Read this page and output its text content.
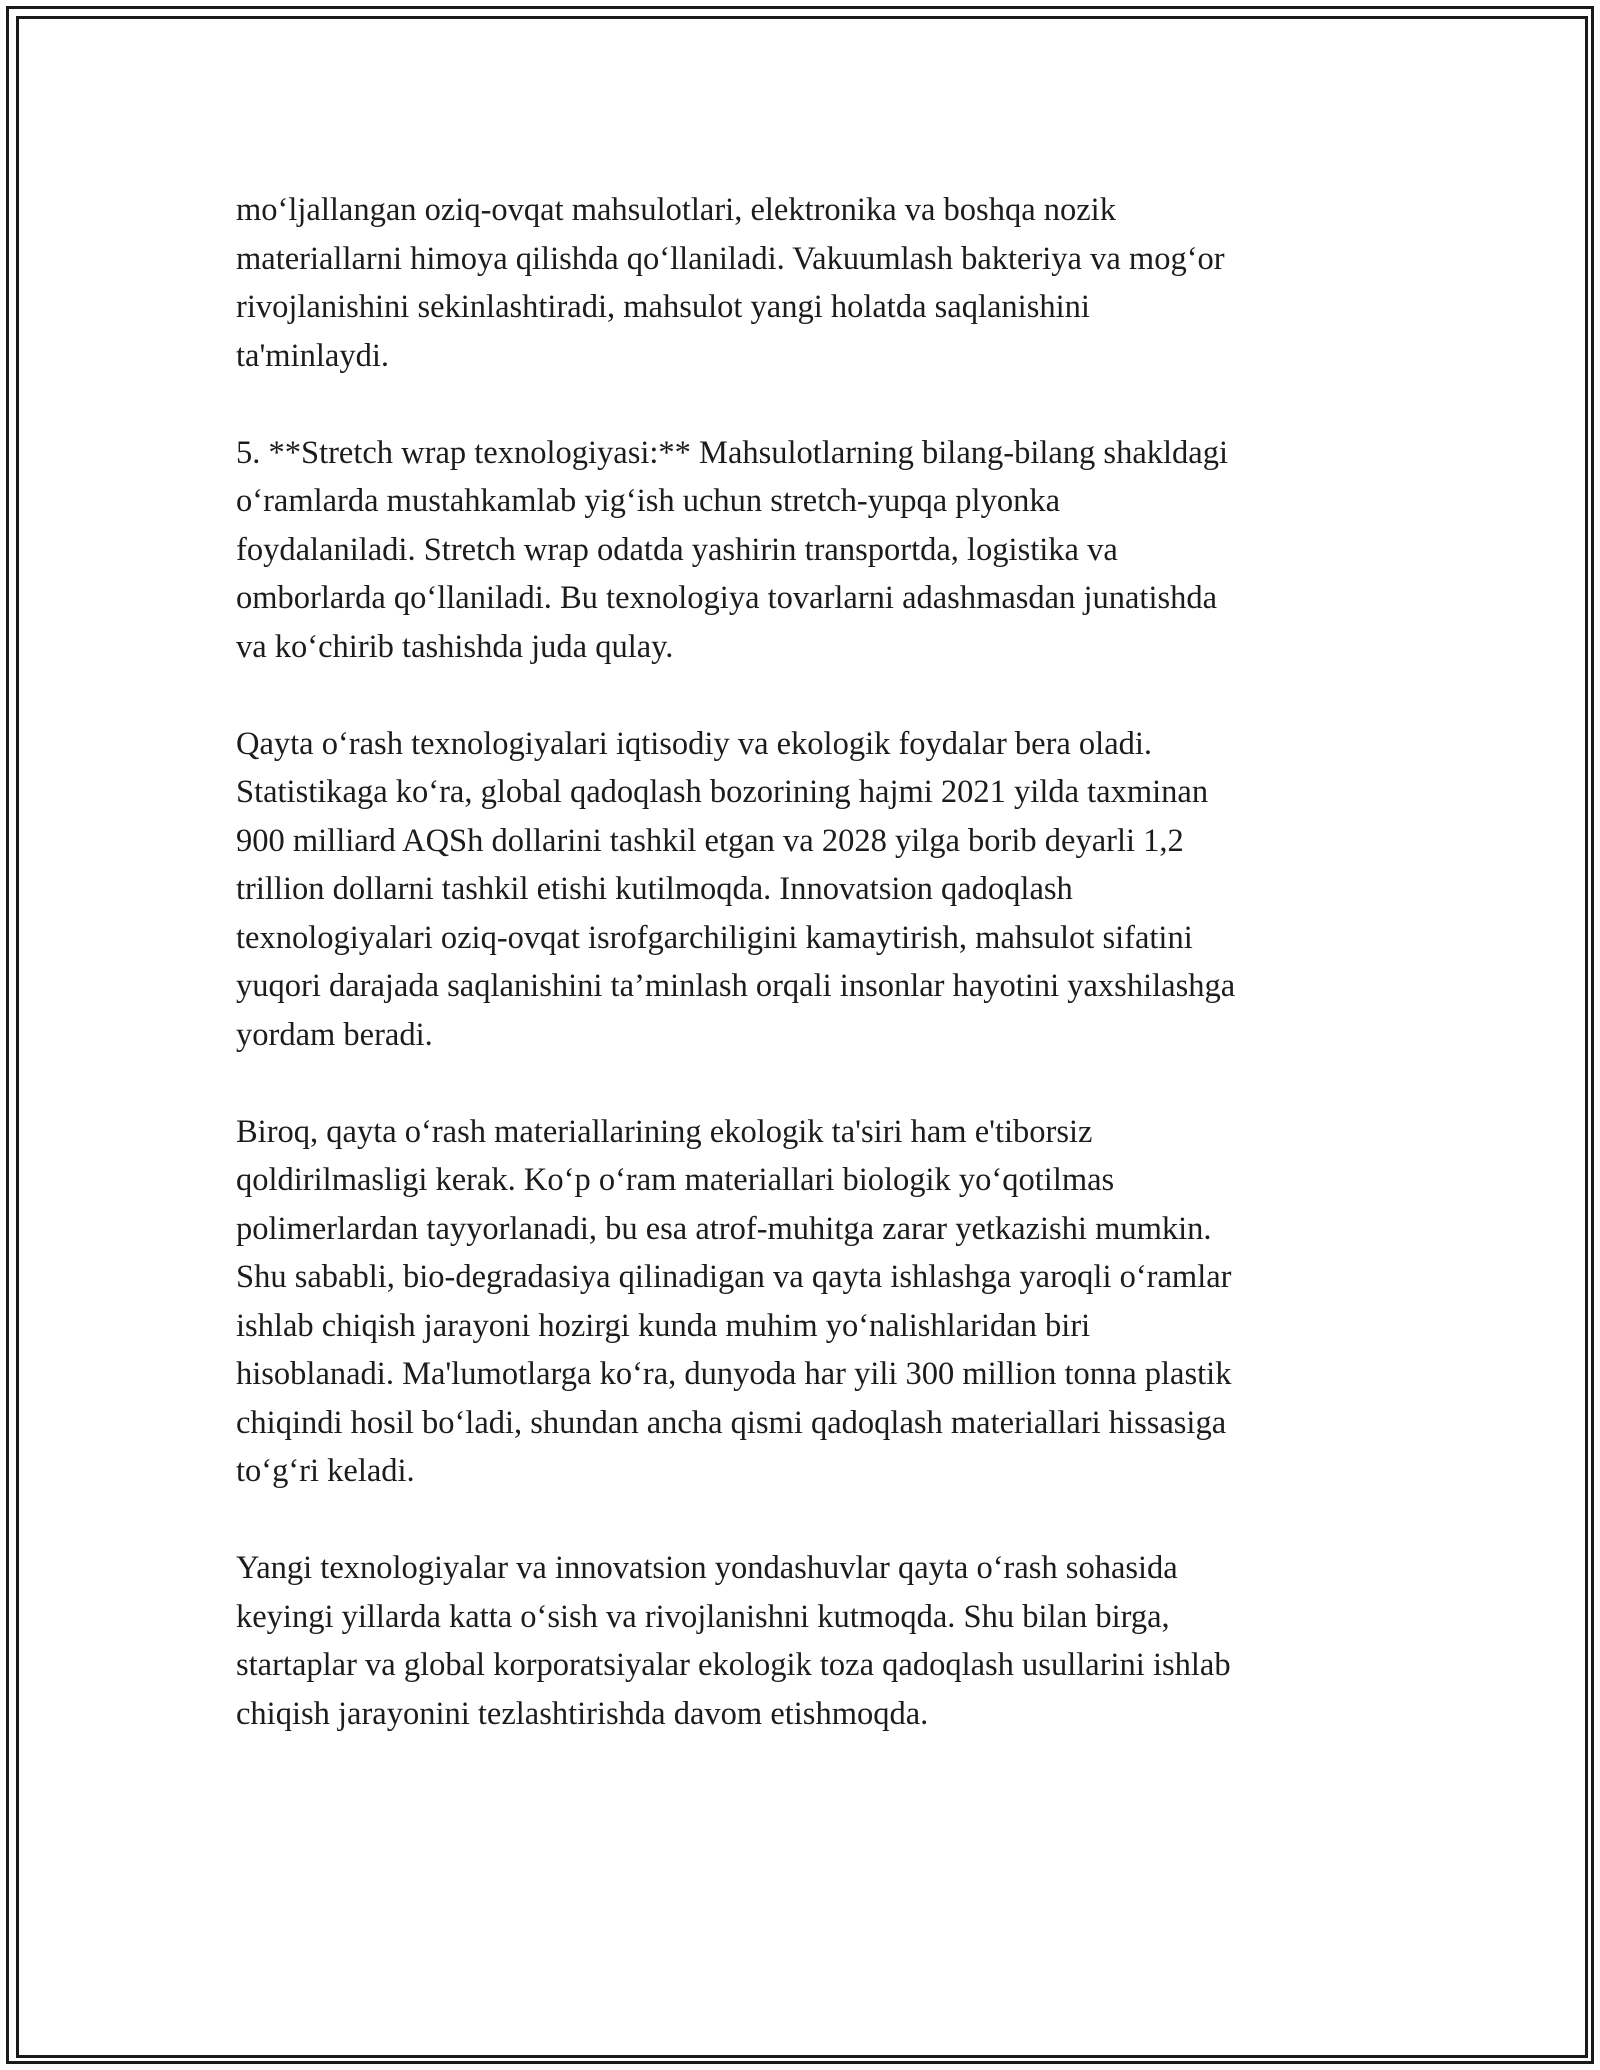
mo‘ljallangan oziq-ovqat mahsulotlari, elektronika va boshqa nozik
materiallarni himoya qilishda qo‘llaniladi. Vakuumlash bakteriya va mog‘or
rivojlanishini sekinlashtiradi, mahsulot yangi holatda saqlanishini
ta'minlaydi.

5. **Stretch wrap texnologiyasi:** Mahsulotlarning bilang-bilang shakldagi
o‘ramlarda mustahkamlab yig‘ish uchun stretch-yupqa plyonka
foydalaniladi. Stretch wrap odatda yashirin transportda, logistika va
omborlarda qo‘llaniladi. Bu texnologiya tovarlarni adashmasdan junatishda
va ko‘chirib tashishda juda qulay.

Qayta o‘rash texnologiyalari iqtisodiy va ekologik foydalar bera oladi.
Statistikaga ko‘ra, global qadoqlash bozorining hajmi 2021 yilda taxminan
900 milliard AQSh dollarini tashkil etgan va 2028 yilga borib deyarli 1,2
trillion dollarni tashkil etishi kutilmoqda. Innovatsion qadoqlash
texnologiyalari oziq-ovqat isrofgarchiligini kamaytirish, mahsulot sifatini
yuqori darajada saqlanishini ta’minlash orqali insonlar hayotini yaxshilashga
yordam beradi.

Biroq, qayta o‘rash materiallarining ekologik ta'siri ham e'tiborsiz
qoldirilmasligi kerak. Ko‘p o‘ram materiallari biologik yo‘qotilmas
polimerlardan tayyorlanadi, bu esa atrof-muhitga zarar yetkazishi mumkin.
Shu sababli, bio-degradasiya qilinadigan va qayta ishlashga yaroqli o‘ramlar
ishlab chiqish jarayoni hozirgi kunda muhim yo‘nalishlaridan biri
hisoblanadi. Ma'lumotlarga ko‘ra, dunyoda har yili 300 million tonna plastik
chiqindi hosil bo‘ladi, shundan ancha qismi qadoqlash materiallari hissasiga
to‘g‘ri keladi.

Yangi texnologiyalar va innovatsion yondashuvlar qayta o‘rash sohasida
keyingi yillarda katta o‘sish va rivojlanishni kutmoqda. Shu bilan birga,
startaplar va global korporatsiyalar ekologik toza qadoqlash usullarini ishlab
chiqish jarayonini tezlashtirishda davom etishmoqda.
